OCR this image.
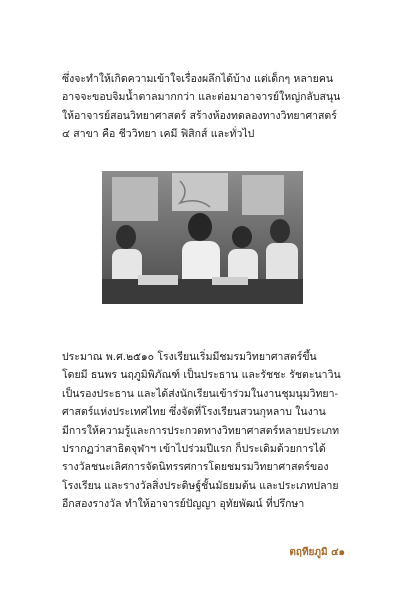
ซึ่งจะทำให้เกิดความเข้าใจเรื่องผลึกได้บ้าง แต่เด็กๆ หลายคน
อาจจะขอบจิมน้ำตาลมากกว่า และต่อมาอาจารย์ใหญ่กลับสนุน
ให้อาจารย์สอนวิทยาศาสตร์ สร้างห้องทดลองทางวิทยาศาสตร์
๔ สาขา คือ ชีววิทยา เคมี ฟิสิกส์ และทั่วไป
ประมาณ พ.ศ.๒๕๑๐ โรงเรียนเริ่มมีชมรมวิทยาศาสตร์ขึ้น
โดยมี ธนพร นฤภูมิพิภัณฑ์ เป็นประธาน และรัชชะ รัชตะนาวิน
เป็นรองประธาน และได้ส่งนักเรียนเข้าร่วมในงานชุมนุมวิทยา-
ศาสตร์แห่งประเทศไทย ซึ่งจัดที่โรงเรียนสวนกุหลาบ ในงาน
มีการให้ความรู้และการประกวดทางวิทยาศาสตร์หลายประเภท
ปรากฏว่าสาธิตจุฬาฯ เข้าไปร่วมปีแรก ก็ประเดิมด้วยการได้
รางวัลชนะเลิศการจัดนิทรรศการโดยชมรมวิทยาศาสตร์ของ
โรงเรียน และรางวัลสิ่งประดิษฐ์ชั้นมัธยมต้น และประเภทปลาย
อีกสองรางวัล ทำให้อาจารย์ปัญญา อุทัยพัฒน์ ที่ปรึกษา
ตฤทียภูมิ ๔๑
